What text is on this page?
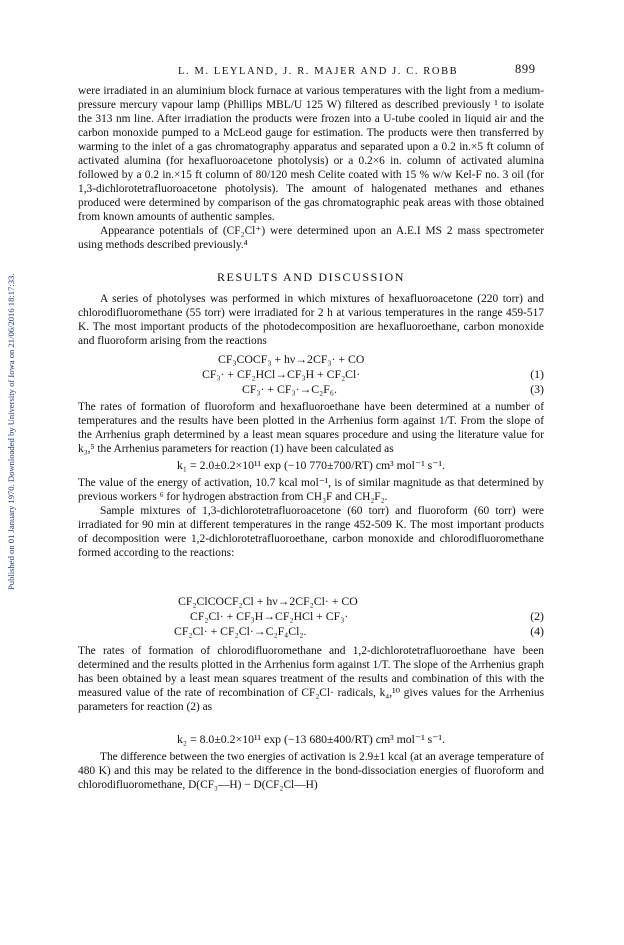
Published on 01 January 1970. Downloaded by University of Iowa on 21/06/2016 18:17:33.
L. M. LEYLAND, J. R. MAJER AND J. C. ROBB	899

were irradiated in an aluminium block furnace at various temperatures with the light from a medium-pressure mercury vapour lamp (Phillips MBL/U 125 W) filtered as described previously ¹ to isolate the 313 nm line. After irradiation the products were frozen into a U-tube cooled in liquid air and the carbon monoxide pumped to a McLeod gauge for estimation. The products were then transferred by warming to the inlet of a gas chromatography apparatus and separated upon a 0.2 in.×5 ft column of activated alumina (for hexafluoroacetone photolysis) or a 0.2×6 in. column of activated alumina followed by a 0.2 in.×15 ft column of 80/120 mesh Celite coated with 15 % w/w Kel-F no. 3 oil (for 1,3-dichlorotetrafluoroacetone photolysis). The amount of halogenated methanes and ethanes produced were determined by comparison of the gas chromatographic peak areas with those obtained from known amounts of authentic samples.

Appearance potentials of (CF₂Cl⁺) were determined upon an A.E.I MS 2 mass spectrometer using methods described previously.⁴

RESULTS AND DISCUSSION

A series of photolyses was performed in which mixtures of hexafluoroacetone (220 torr) and chlorodifluoromethane (55 torr) were irradiated for 2 h at various temperatures in the range 459-517 K. The most important products of the photodecomposition are hexafluoroethane, carbon monoxide and fluoroform arising from the reactions

CF₃COCF₃ + hν→2CF₃· + CO
CF₃· + CF₂HCl→CF₃H + CF₂Cl·	(1)
CF₃· + CF₃·→C₂F₆.	(3)

The rates of formation of fluoroform and hexafluoroethane have been determined at a number of temperatures and the results have been plotted in the Arrhenius form against 1/T. From the slope of the Arrhenius graph determined by a least mean squares procedure and using the literature value for k₃,⁵ the Arrhenius parameters for reaction (1) have been calculated as

k₁ = 2.0±0.2×10¹¹ exp (−10 770±700/RT) cm³ mol⁻¹ s⁻¹.

The value of the energy of activation, 10.7 kcal mol⁻¹, is of similar magnitude as that determined by previous workers ⁶ for hydrogen abstraction from CH₃F and CH₂F₂.

Sample mixtures of 1,3-dichlorotetrafluoroacetone (60 torr) and fluoroform (60 torr) were irradiated for 90 min at different temperatures in the range 452-509 K. The most important products of decomposition were 1,2-dichlorotetrafluoroethane, carbon monoxide and chlorodifluoromethane formed according to the reactions:

CF₂ClCOCF₂Cl + hν→2CF₂Cl· + CO
CF₂Cl· + CF₃H→CF₂HCl + CF₃·	(2)
CF₂Cl· + CF₂Cl·→C₂F₄Cl₂.	(4)

The rates of formation of chlorodifluoromethane and 1,2-dichlorotetrafluoroethane have been determined and the results plotted in the Arrhenius form against 1/T. The slope of the Arrhenius graph has been obtained by a least mean squares treatment of the results and combination of this with the measured value of the rate of recombination of CF₂Cl· radicals, k₄,¹⁰ gives values for the Arrhenius parameters for reaction (2) as

k₂ = 8.0±0.2×10¹¹ exp (−13 680±400/RT) cm³ mol⁻¹ s⁻¹.

The difference between the two energies of activation is 2.9±1 kcal (at an average temperature of 480 K) and this may be related to the difference in the bond-dissociation energies of fluoroform and chlorodifluoromethane, D(CF₃—H) − D(CF₂Cl—H)
